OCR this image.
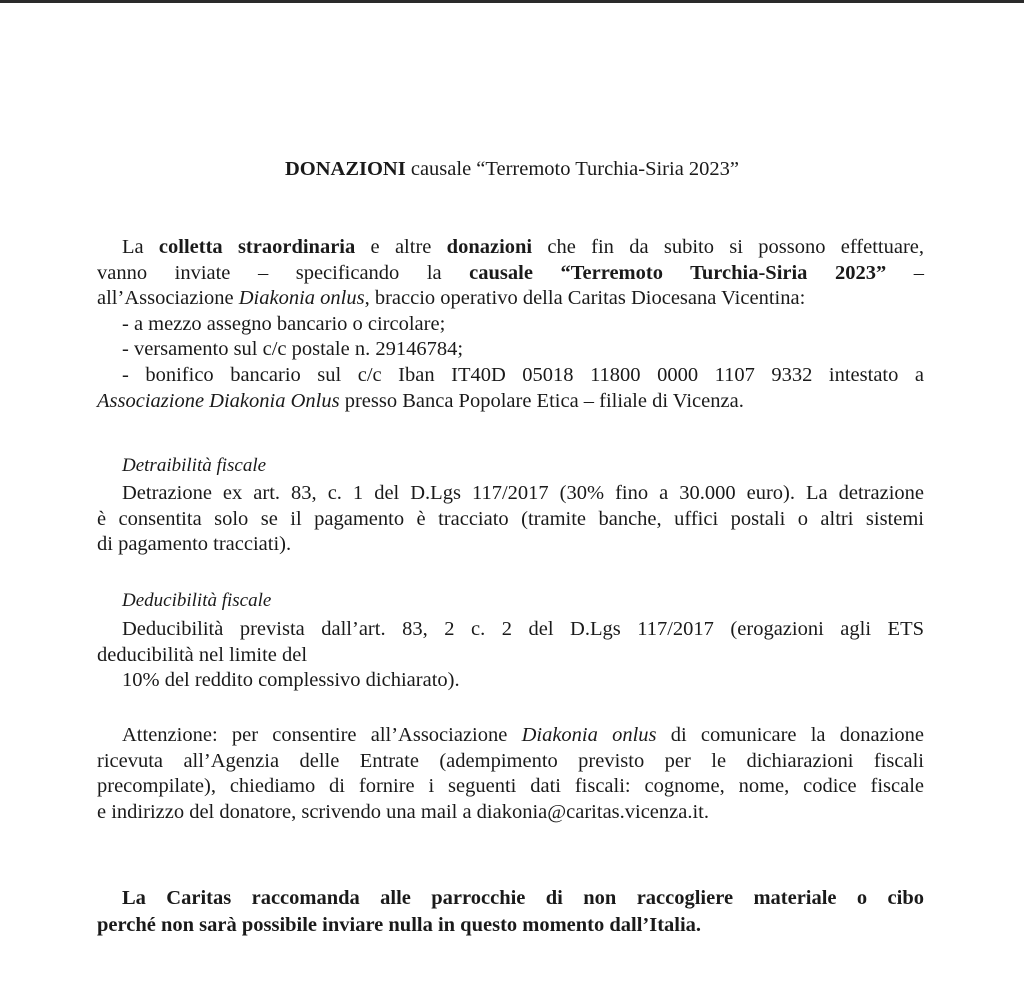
DONAZIONI causale “Terremoto Turchia-Siria 2023”
La colletta straordinaria e altre donazioni che fin da subito si possono effettuare,
vanno inviate – specificando la causale “Terremoto Turchia-Siria 2023” –
all’Associazione Diakonia onlus, braccio operativo della Caritas Diocesana Vicentina:
- a mezzo assegno bancario o circolare;
- versamento sul c/c postale n. 29146784;
- bonifico bancario sul c/c Iban IT40D 05018 11800 0000 1107 9332 intestato a
Associazione Diakonia Onlus presso Banca Popolare Etica – filiale di Vicenza.
Detraibilità fiscale
Detrazione ex art. 83, c. 1 del D.Lgs 117/2017 (30% fino a 30.000 euro). La detrazione
è consentita solo se il pagamento è tracciato (tramite banche, uffici postali o altri sistemi
di pagamento tracciati).
Deducibilità fiscale
Deducibilità prevista dall’art. 83, 2 c. 2 del D.Lgs 117/2017 (erogazioni agli ETS
deducibilità nel limite del
10% del reddito complessivo dichiarato).
Attenzione: per consentire all’Associazione Diakonia onlus di comunicare la donazione
ricevuta all’Agenzia delle Entrate (adempimento previsto per le dichiarazioni fiscali
precompilate), chiediamo di fornire i seguenti dati fiscali: cognome, nome, codice fiscale
e indirizzo del donatore, scrivendo una mail a diakonia@caritas.vicenza.it.
La Caritas raccomanda alle parrocchie di non raccogliere materiale o cibo
perché non sarà possibile inviare nulla in questo momento dall’Italia.
